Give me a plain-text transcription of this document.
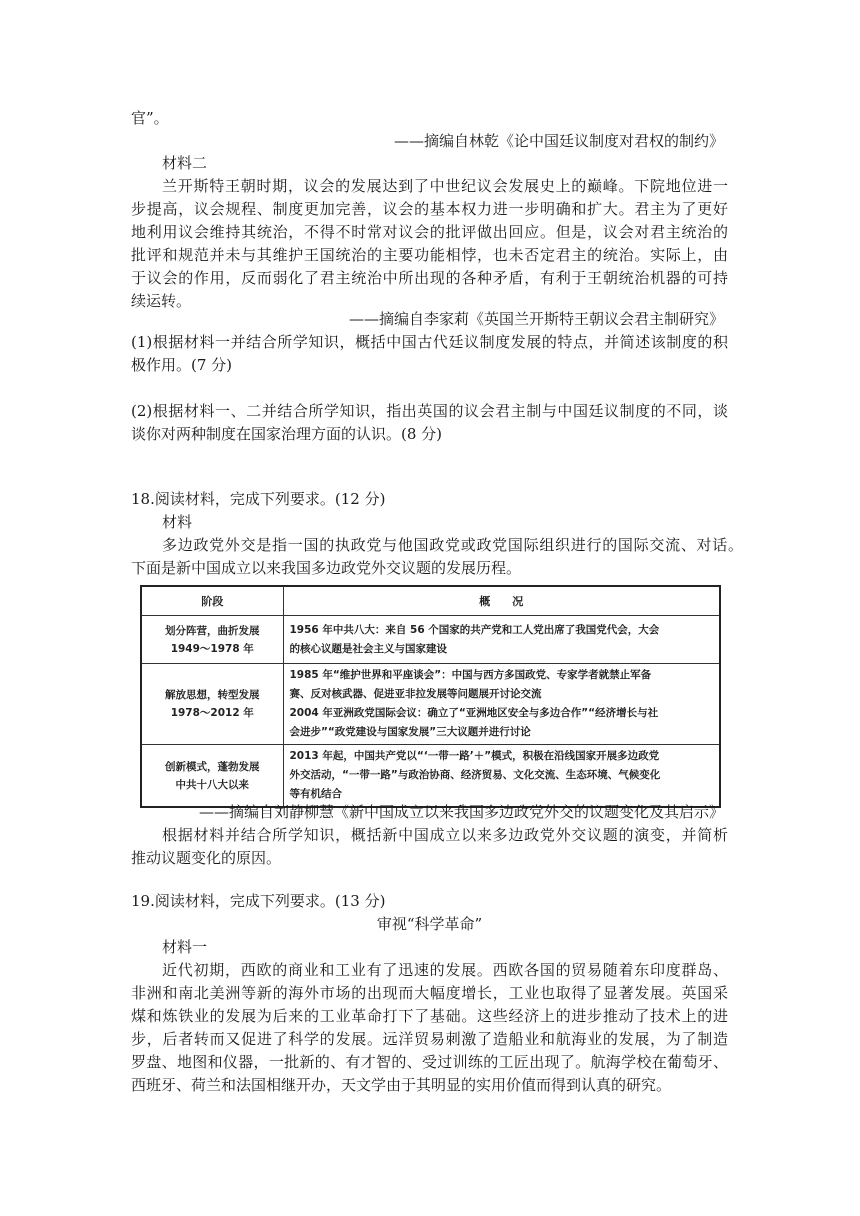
官”。
——摘编自林乾《论中国廷议制度对君权的制约》
材料二
兰开斯特王朝时期，议会的发展达到了中世纪议会发展史上的巅峰。下院地位进一
步提高，议会规程、制度更加完善，议会的基本权力进一步明确和扩大。君主为了更好
地利用议会维持其统治，不得不时常对议会的批评做出回应。但是，议会对君主统治的
批评和规范并未与其维护王国统治的主要功能相悖，也未否定君主的统治。实际上，由
于议会的作用，反而弱化了君主统治中所出现的各种矛盾，有利于王朝统治机器的可持
续运转。
——摘编自李家莉《英国兰开斯特王朝议会君主制研究》
(1)根据材料一并结合所学知识，概括中国古代廷议制度发展的特点，并简述该制度的积
极作用。(7 分)
(2)根据材料一、二并结合所学知识，指出英国的议会君主制与中国廷议制度的不同，谈
谈你对两种制度在国家治理方面的认识。(8 分)
18.阅读材料，完成下列要求。(12 分)
材料
多边政党外交是指一国的执政党与他国政党或政党国际组织进行的国际交流、对话。
下面是新中国成立以来我国多边政党外交议题的发展历程。
阶段	概　　况

划分阵营，曲折发展
1949～1978 年	1956 年中共八大：来自 56 个国家的共产党和工人党出席了我国党代会，大会
的核心议题是社会主义与国家建设

解放思想，转型发展
1978～2012 年	1985 年“维护世界和平座谈会”：中国与西方多国政党、专家学者就禁止军备
赛、反对核武器、促进亚非拉发展等问题展开讨论交流
2004 年亚洲政党国际会议：确立了“亚洲地区安全与多边合作”“经济增长与社
会进步”“政党建设与国家发展”三大议题并进行讨论

创新模式，蓬勃发展
中共十八大以来	2013 年起，中国共产党以“‘一带一路’＋”模式，积极在沿线国家开展多边政党
外交活动，“一带一路”与政治协商、经济贸易、文化交流、生态环境、气候变化
等有机结合
——摘编自刘静柳慧《新中国成立以来我国多边政党外交的议题变化及其启示》
根据材料并结合所学知识，概括新中国成立以来多边政党外交议题的演变，并简析
推动议题变化的原因。
19.阅读材料，完成下列要求。(13 分)
审视“科学革命”
材料一
近代初期，西欧的商业和工业有了迅速的发展。西欧各国的贸易随着东印度群岛、
非洲和南北美洲等新的海外市场的出现而大幅度增长，工业也取得了显著发展。英国采
煤和炼铁业的发展为后来的工业革命打下了基础。这些经济上的进步推动了技术上的进
步，后者转而又促进了科学的发展。远洋贸易刺激了造船业和航海业的发展，为了制造
罗盘、地图和仪器，一批新的、有才智的、受过训练的工匠出现了。航海学校在葡萄牙、
西班牙、荷兰和法国相继开办，天文学由于其明显的实用价值而得到认真的研究。
